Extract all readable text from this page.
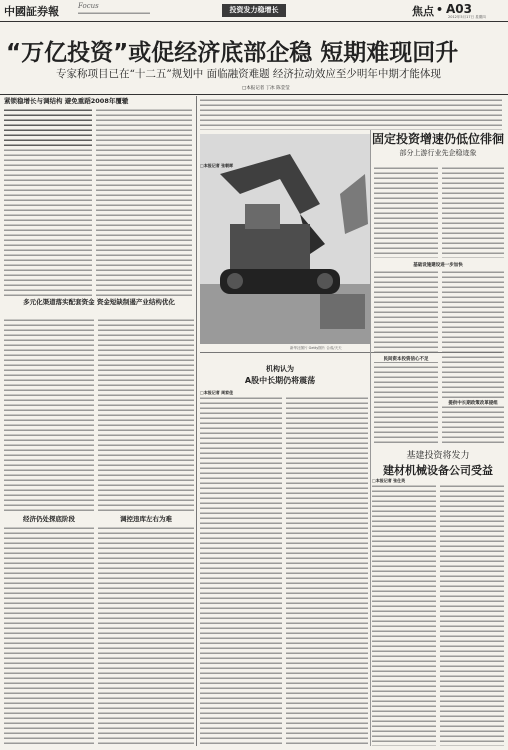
中國証券報	Focus	投资发力稳增长	焦点 • A03
2012年5月17日 星期四
“万亿投资”或促经济底部企稳 短期难现回升
专家称项目已在“十二五”规划中 面临融资难题 经济拉动效应至少明年中期才能体现
□本报记者 丁冰 陈莹莹
紧锁稳增长与调结构 避免重蹈2008年覆辙
多元化渠道落实配套资金 资金短缺制遏产业结构优化
经济仍处探底阶段	调控违库左右为难
新华社图片 Getty图片 合成/天天
固定投资增速仍低位徘徊
部分上游行业先企稳迹象
□本报记者 张朝晖
基础设施建设进一步加快
提供中长期政策改革提组
民间资本投资信心不足
机构认为
A股中长期仍将震荡
□本报记者 周家佳
基建投资将发力
建材机械设备公司受益
□本报记者 张仕英
